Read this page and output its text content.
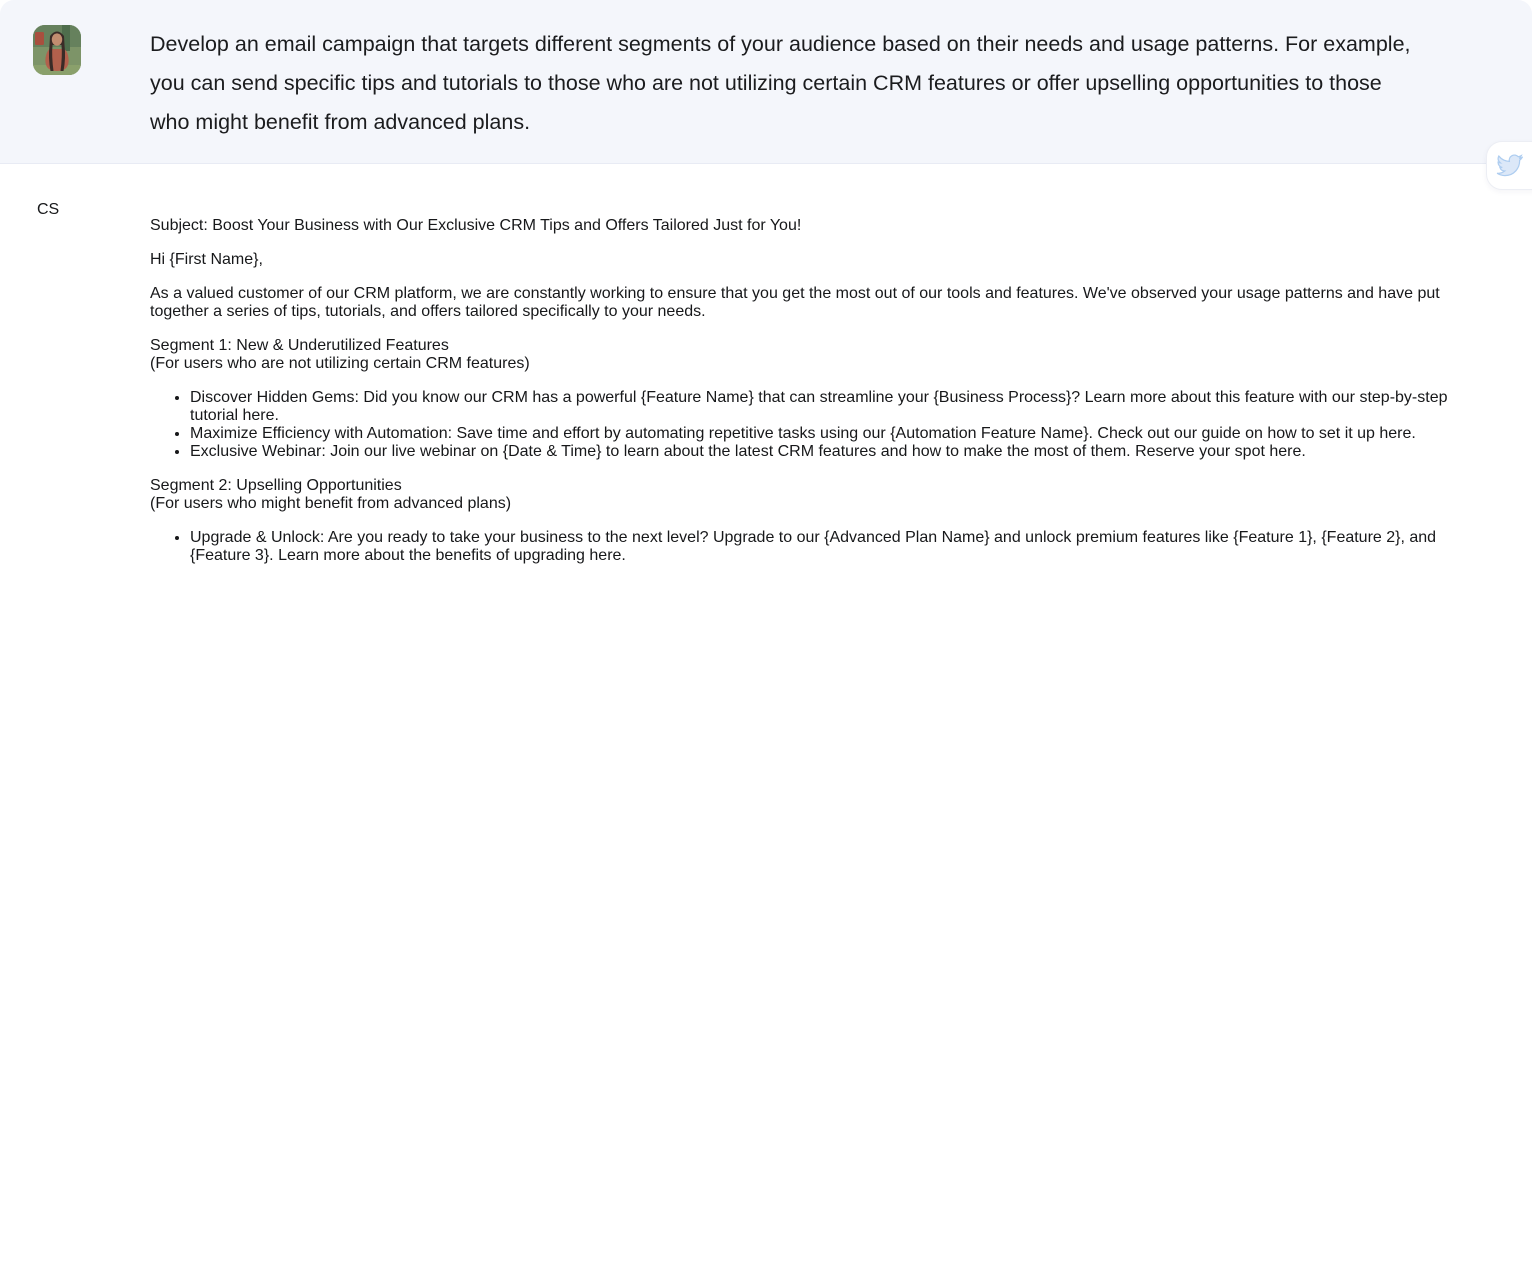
Develop an email campaign that targets different segments of your audience based on their needs and usage patterns. For example, you can send specific tips and tutorials to those who are not utilizing certain CRM features or offer upselling opportunities to those who might benefit from advanced plans.

CS

Subject: Boost Your Business with Our Exclusive CRM Tips and Offers Tailored Just for You!

Hi {First Name},

As a valued customer of our CRM platform, we are constantly working to ensure that you get the most out of our tools and features. We've observed your usage patterns and have put together a series of tips, tutorials, and offers tailored specifically to your needs.

Segment 1: New & Underutilized Features
(For users who are not utilizing certain CRM features)
• Discover Hidden Gems: Did you know our CRM has a powerful {Feature Name} that can streamline your {Business Process}? Learn more about this feature with our step-by-step tutorial here.
• Maximize Efficiency with Automation: Save time and effort by automating repetitive tasks using our {Automation Feature Name}. Check out our guide on how to set it up here.
• Exclusive Webinar: Join our live webinar on {Date & Time} to learn about the latest CRM features and how to make the most of them. Reserve your spot here.
Segment 2: Upselling Opportunities
(For users who might benefit from advanced plans)
• Upgrade & Unlock: Are you ready to take your business to the next level? Upgrade to our {Advanced Plan Name} and unlock premium features like {Feature 1}, {Feature 2}, and {Feature 3}. Learn more about the benefits of upgrading here.
